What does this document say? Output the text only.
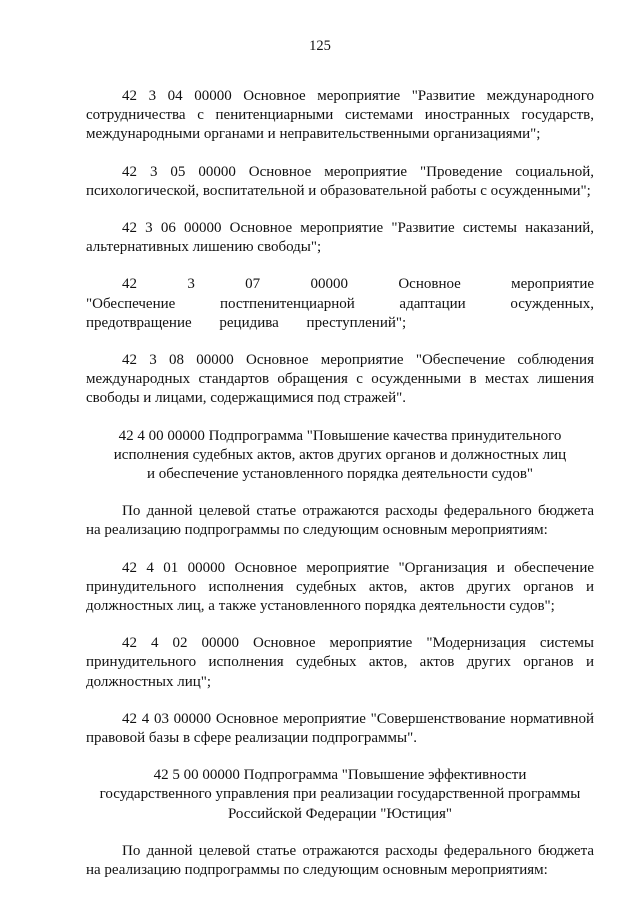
125

42 3 04 00000 Основное мероприятие "Развитие международного сотрудничества с пенитенциарными системами иностранных государств, международными органами и неправительственными организациями";

42 3 05 00000 Основное мероприятие "Проведение социальной, психологической, воспитательной и образовательной работы с осужденными";

42 3 06 00000 Основное мероприятие "Развитие системы наказаний, альтернативных лишению свободы";

42 3 07 00000 Основное мероприятие "Обеспечение постпенитенциарной адаптации осужденных, предотвращение рецидива преступлений";

42 3 08 00000 Основное мероприятие "Обеспечение соблюдения международных стандартов обращения с осужденными в местах лишения свободы и лицами, содержащимися под стражей".

42 4 00 00000 Подпрограмма "Повышение качества принудительного
исполнения судебных актов, актов других органов и должностных лиц
и обеспечение установленного порядка деятельности судов"

По данной целевой статье отражаются расходы федерального бюджета на реализацию подпрограммы по следующим основным мероприятиям:

42 4 01 00000 Основное мероприятие "Организация и обеспечение принудительного исполнения судебных актов, актов других органов и должностных лиц, а также установленного порядка деятельности судов";

42 4 02 00000 Основное мероприятие "Модернизация системы принудительного исполнения судебных актов, актов других органов и должностных лиц";

42 4 03 00000 Основное мероприятие "Совершенствование нормативной правовой базы в сфере реализации подпрограммы".

42 5 00 00000 Подпрограмма "Повышение эффективности
государственного управления при реализации государственной программы
Российской Федерации "Юстиция"

По данной целевой статье отражаются расходы федерального бюджета на реализацию подпрограммы по следующим основным мероприятиям:
